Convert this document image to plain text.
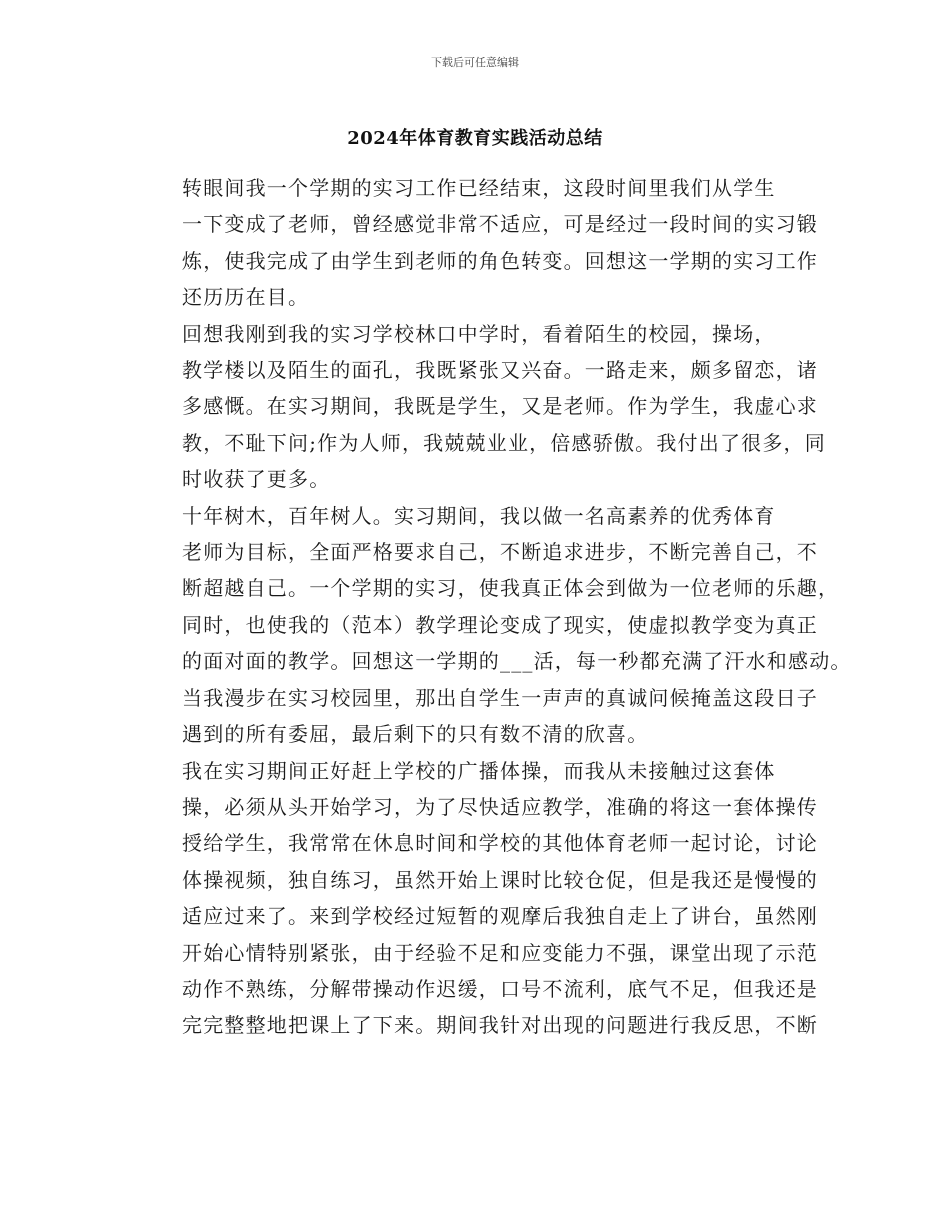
下载后可任意编辑
2024年体育教育实践活动总结

转眼间我一个学期的实习工作已经结束，这段时间里我们从学生
一下变成了老师，曾经感觉非常不适应，可是经过一段时间的实习锻
炼，使我完成了由学生到老师的角色转变。回想这一学期的实习工作
还历历在目。

回想我刚到我的实习学校林口中学时，看着陌生的校园，操场，
教学楼以及陌生的面孔，我既紧张又兴奋。一路走来，颇多留恋，诸
多感慨。在实习期间，我既是学生，又是老师。作为学生，我虚心求
教，不耻下问;作为人师，我兢兢业业，倍感骄傲。我付出了很多，同
时收获了更多。

十年树木，百年树人。实习期间，我以做一名高素养的优秀体育
老师为目标，全面严格要求自己，不断追求进步，不断完善自己，不
断超越自己。一个学期的实习，使我真正体会到做为一位老师的乐趣，
同时，也使我的（范本）教学理论变成了现实，使虚拟教学变为真正
的面对面的教学。回想这一学期的___活，每一秒都充满了汗水和感动。
当我漫步在实习校园里，那出自学生一声声的真诚问候掩盖这段日子
遇到的所有委屈，最后剩下的只有数不清的欣喜。

我在实习期间正好赶上学校的广播体操，而我从未接触过这套体
操，必须从头开始学习，为了尽快适应教学，准确的将这一套体操传
授给学生，我常常在休息时间和学校的其他体育老师一起讨论，讨论
体操视频，独自练习，虽然开始上课时比较仓促，但是我还是慢慢的
适应过来了。来到学校经过短暂的观摩后我独自走上了讲台，虽然刚
开始心情特别紧张，由于经验不足和应变能力不强，课堂出现了示范
动作不熟练，分解带操动作迟缓，口号不流利，底气不足，但我还是
完完整整地把课上了下来。期间我针对出现的问题进行我反思，不断
